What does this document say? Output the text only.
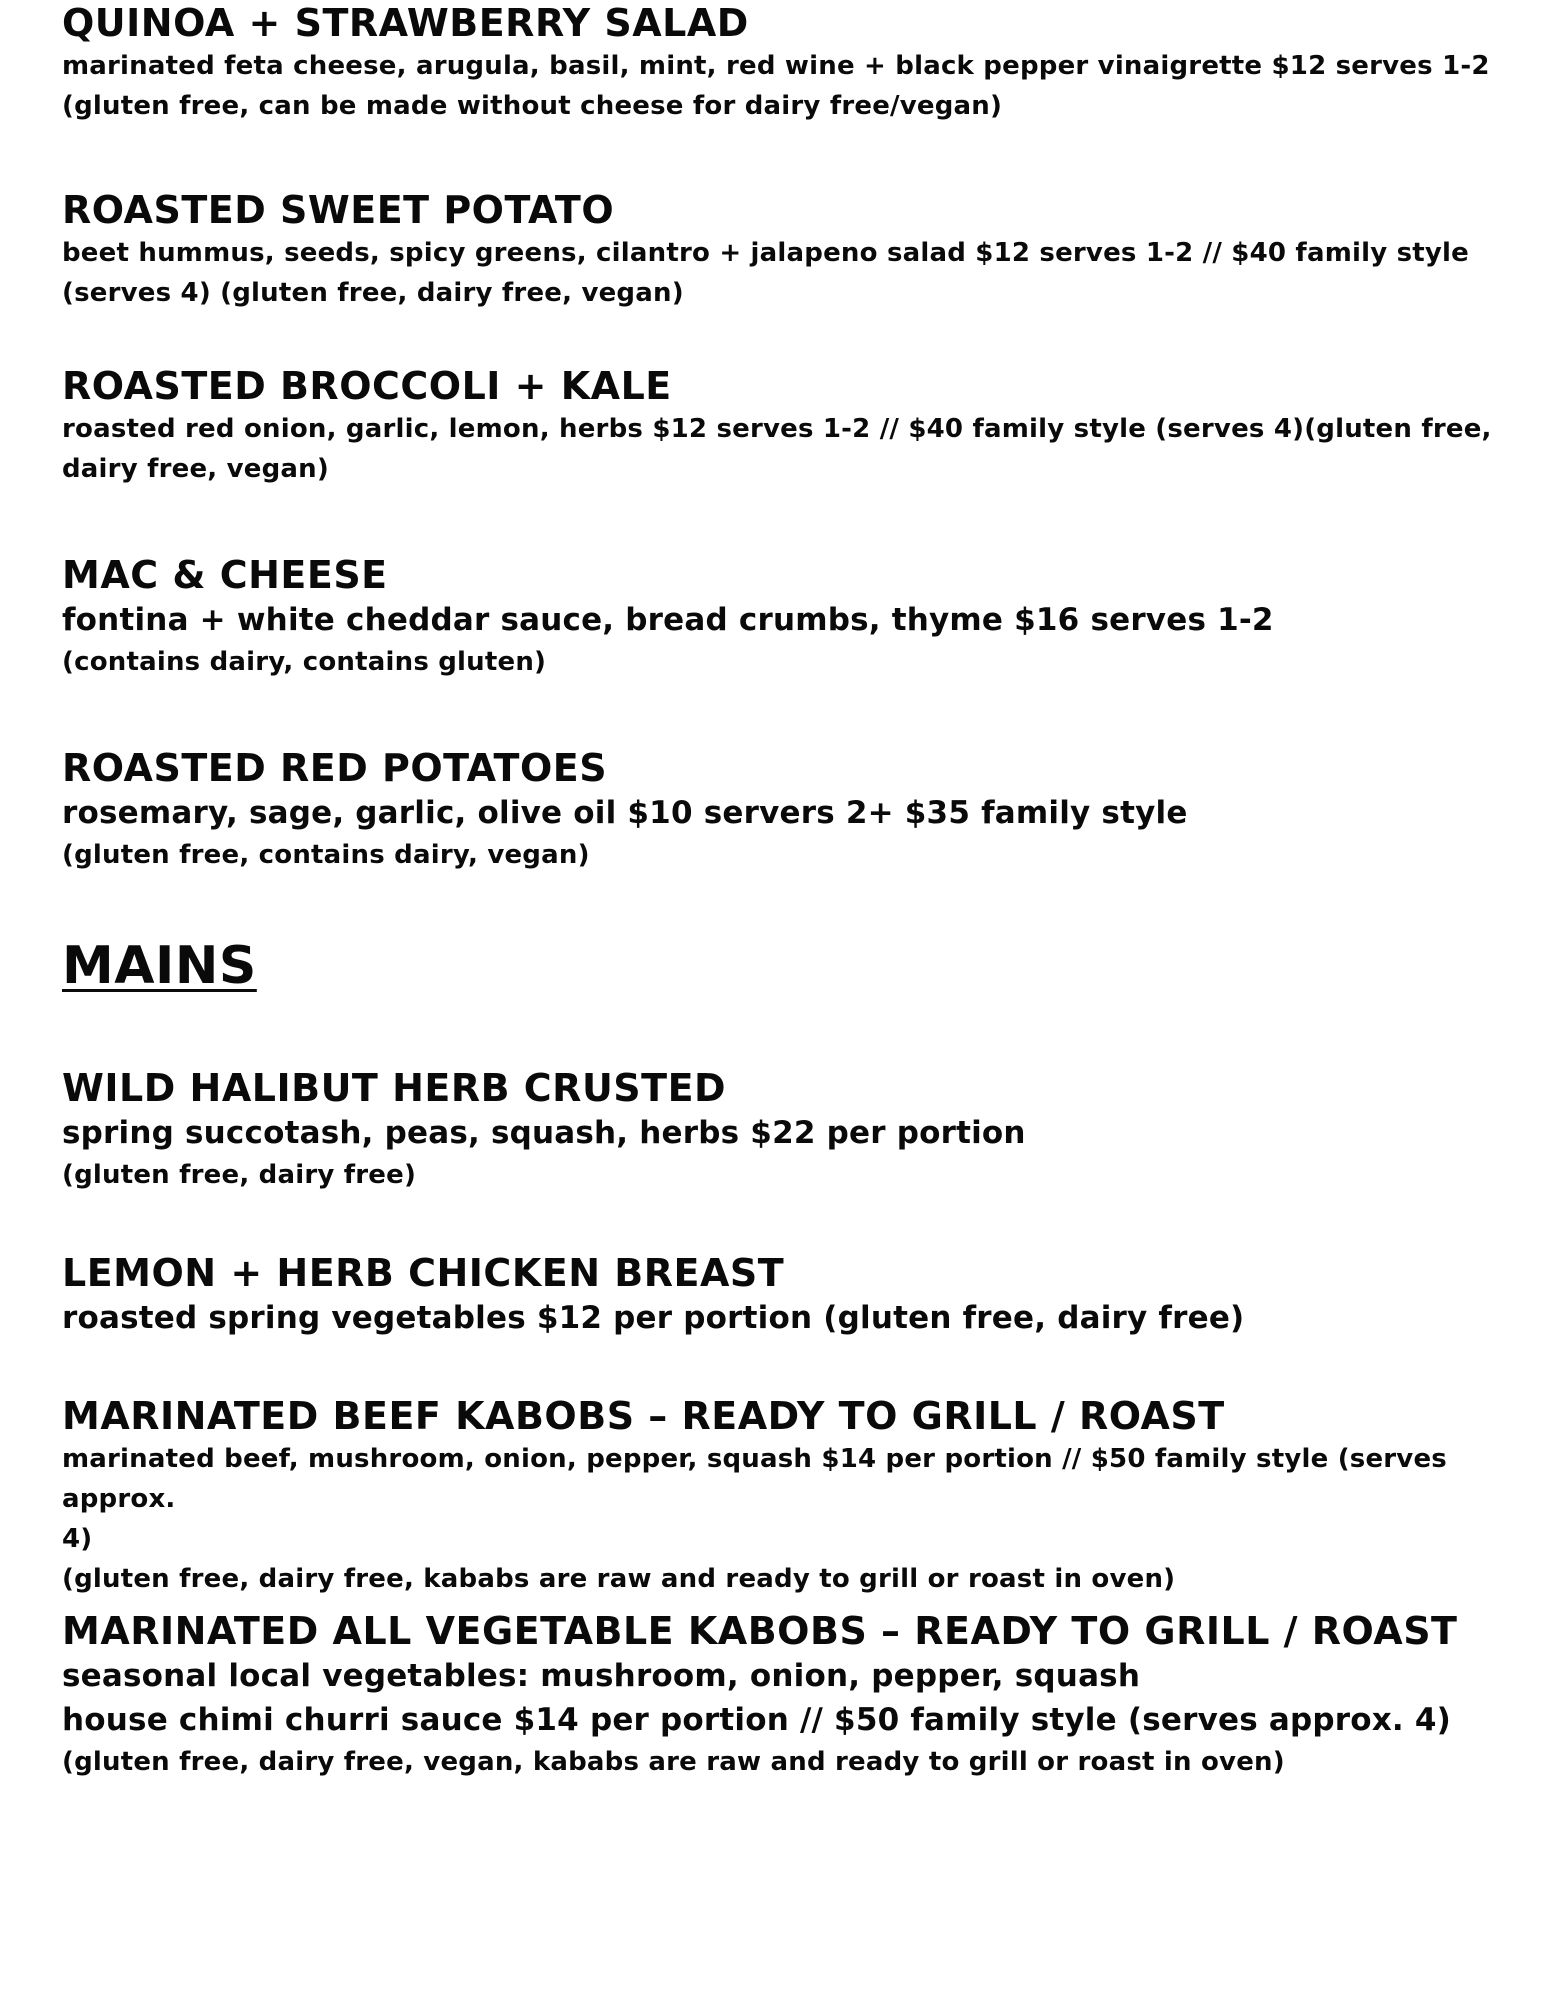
QUINOA + STRAWBERRY SALAD

marinated feta cheese, arugula, basil, mint, red wine + black pepper vinaigrette $12 serves 1-2

(gluten free, can be made without cheese for dairy free/vegan)

ROASTED SWEET POTATO

beet hummus, seeds, spicy greens, cilantro + jalapeno salad $12 serves 1-2 // $40 family style

(serves 4) (gluten free, dairy free, vegan)

ROASTED BROCCOLI + KALE

roasted red onion, garlic, lemon, herbs $12 serves 1-2 // $40 family style (serves 4)(gluten free,

dairy free, vegan)

MAC & CHEESE

fontina + white cheddar sauce, bread crumbs, thyme $16 serves 1-2

(contains dairy, contains gluten)

ROASTED RED POTATOES

rosemary, sage, garlic, olive oil $10 servers 2+ $35 family style

(gluten free, contains dairy, vegan)

MAINS

WILD HALIBUT HERB CRUSTED

spring succotash, peas, squash, herbs $22 per portion

(gluten free, dairy free)

LEMON + HERB CHICKEN BREAST

roasted spring vegetables $12 per portion (gluten free, dairy free)

MARINATED BEEF KABOBS – READY TO GRILL / ROAST

marinated beef, mushroom, onion, pepper, squash $14 per portion // $50 family style (serves approx.

4)

(gluten free, dairy free, kababs are raw and ready to grill or roast in oven)

MARINATED ALL VEGETABLE KABOBS – READY TO GRILL / ROAST

seasonal local vegetables: mushroom, onion, pepper, squash

house chimi churri sauce $14 per portion // $50 family style (serves approx. 4)

(gluten free, dairy free, vegan, kababs are raw and ready to grill or roast in oven)
